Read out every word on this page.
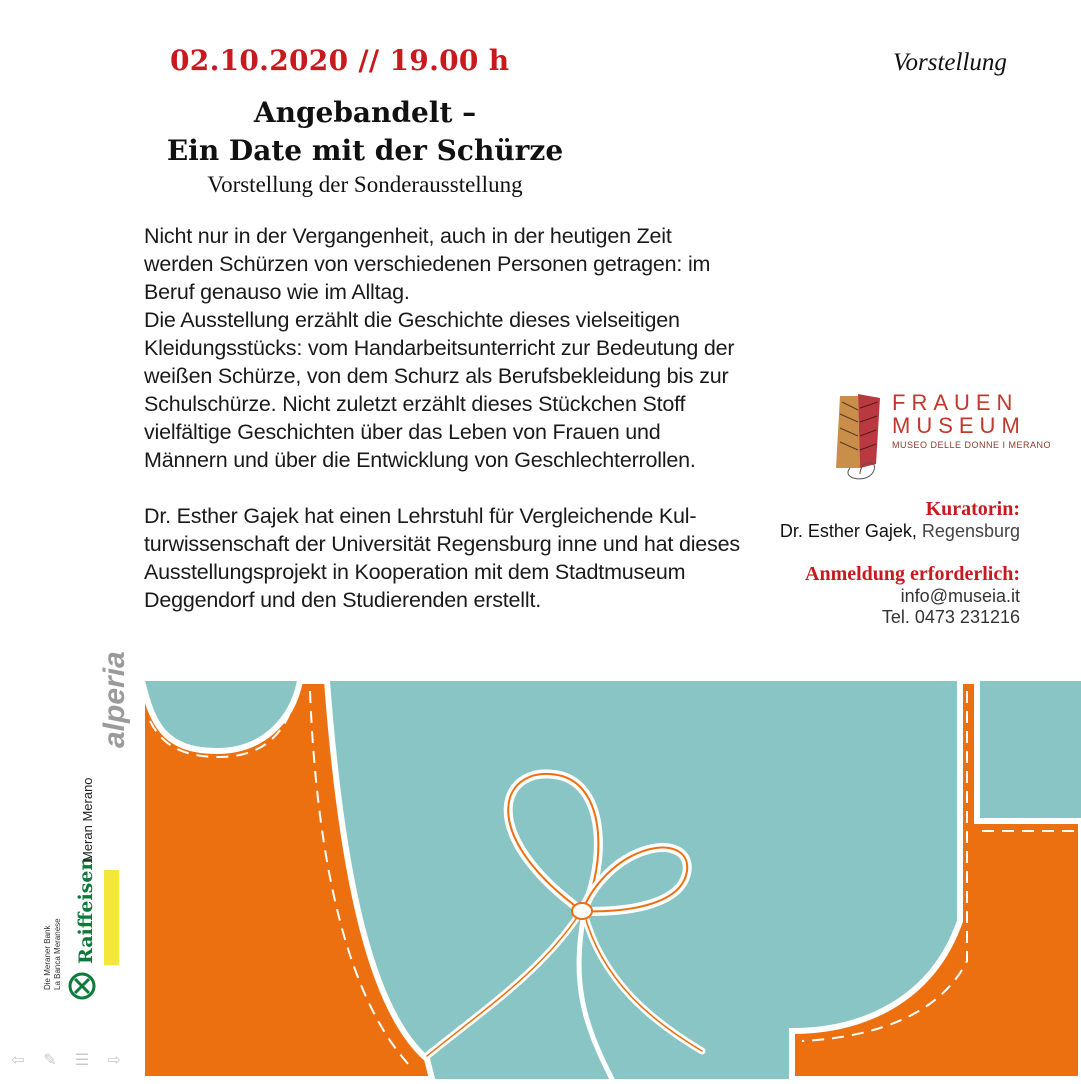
02.10.2020 // 19.00 h	Vorstellung
Angebandelt –
Ein Date mit der Schürze
Vorstellung der Sonderausstellung

Nicht nur in der Vergangenheit, auch in der heutigen Zeit werden Schürzen von verschiedenen Personen getragen: im Beruf genauso wie im Alltag.

Die Ausstellung erzählt die Geschichte dieses vielseitigen Kleidungsstücks: vom Handarbeitsunterricht zur Bedeutung der weißen Schürze, von dem Schurz als Berufsbekleidung bis zur Schulschürze. Nicht zuletzt erzählt dieses Stückchen Stoff vielfältige Geschichten über das Leben von Frauen und Männern und über die Entwicklung von Geschlechterrollen.

Dr. Esther Gajek hat einen Lehrstuhl für Vergleichende Kulturwissenschaft der Universität Regensburg inne und hat dieses Ausstellungsprojekt in Kooperation mit dem Stadtmuseum Deggendorf und den Studierenden erstellt.

FRAUEN
MUSEUM
MUSEO DELLE DONNE I MERANO
Kuratorin:
Dr. Esther Gajek, Regensburg
Anmeldung erforderlich:
info@museia.it
Tel. 0473 231216
alperia
Die Meraner Bank La Banca Meranese Raiffeisen
Meran Merano
⇦	✎	☰	⇨
